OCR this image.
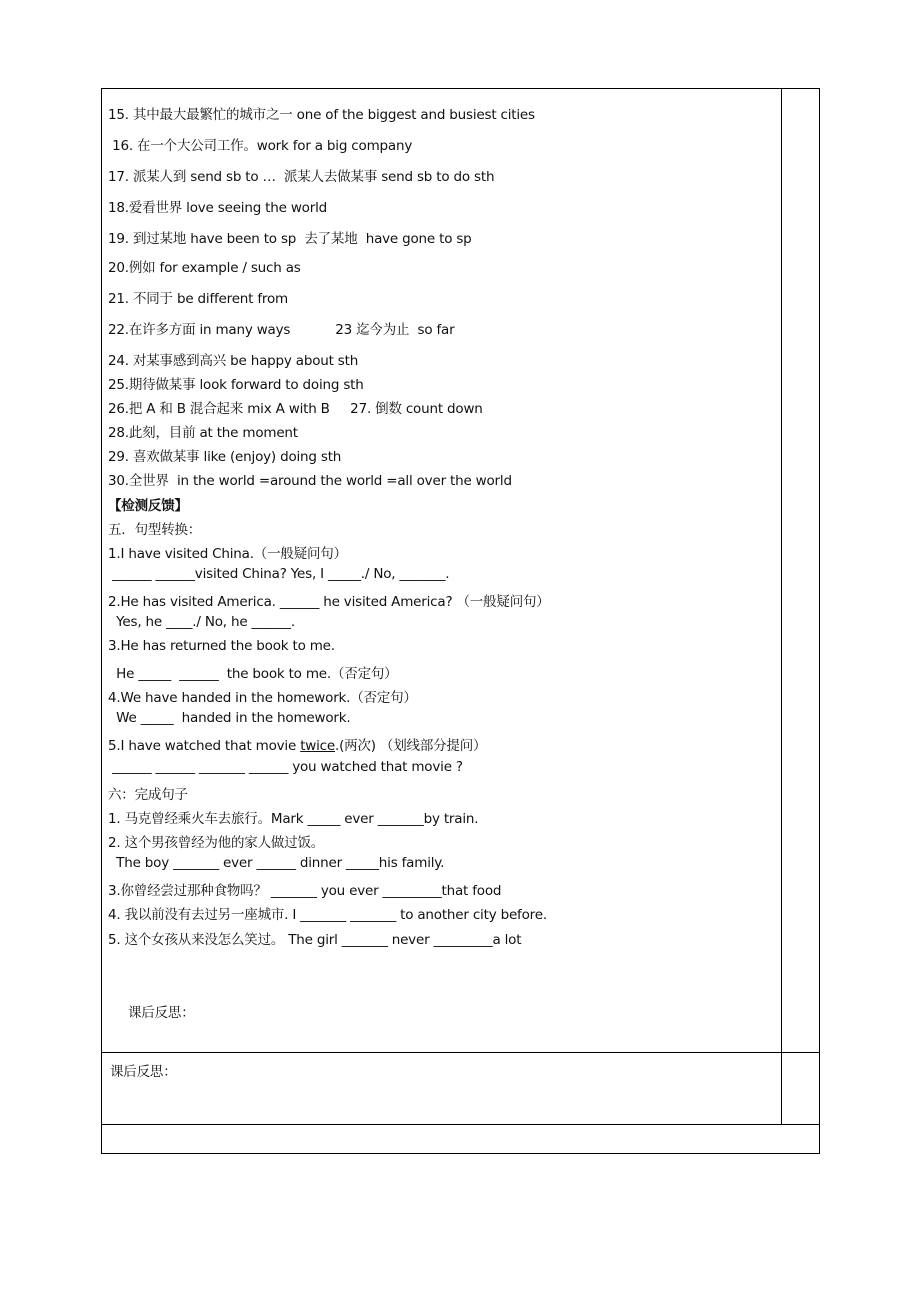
15. 其中最大最繁忙的城市之一 one of the biggest and busiest cities
16. 在一个大公司工作。work for a big company
17. 派某人到 send sb to …  派某人去做某事 send sb to do sth
18.爱看世界 love seeing the world
19. 到过某地 have been to sp  去了某地  have gone to sp
20.例如 for example / such as
21. 不同于 be different from
22.在许多方面 in many ways           23 迄今为止  so far
24. 对某事感到高兴 be happy about sth
25.期待做某事 look forward to doing sth
26.把 A 和 B 混合起来 mix A with B     27. 倒数 count down
28.此刻，目前 at the moment
29. 喜欢做某事 like (enjoy) doing sth
30.全世界  in the world =around the world =all over the world
【检测反馈】
五．句型转换：
1.I have visited China.（一般疑问句）
______ ______visited China? Yes, I _____./ No, _______.
2.He has visited America. ______ he visited America? （一般疑问句）
Yes, he ____./ No, he ______.
3.He has returned the book to me.
He _____  ______  the book to me.（否定句）
4.We have handed in the homework.（否定句）
We _____  handed in the homework.
5.I have watched that movie twice.(两次) （划线部分提问）
______ ______ _______ ______ you watched that movie ?
六：完成句子
1. 马克曾经乘火车去旅行。Mark _____ ever _______by train.
2. 这个男孩曾经为他的家人做过饭。
The boy _______ ever ______ dinner _____his family.
3.你曾经尝过那种食物吗？ _______ you ever _________that food
4. 我以前没有去过另一座城市. I _______ _______ to another city before.
5. 这个女孩从来没怎么笑过。 The girl _______ never _________a lot
课后反思：
课后反思：
